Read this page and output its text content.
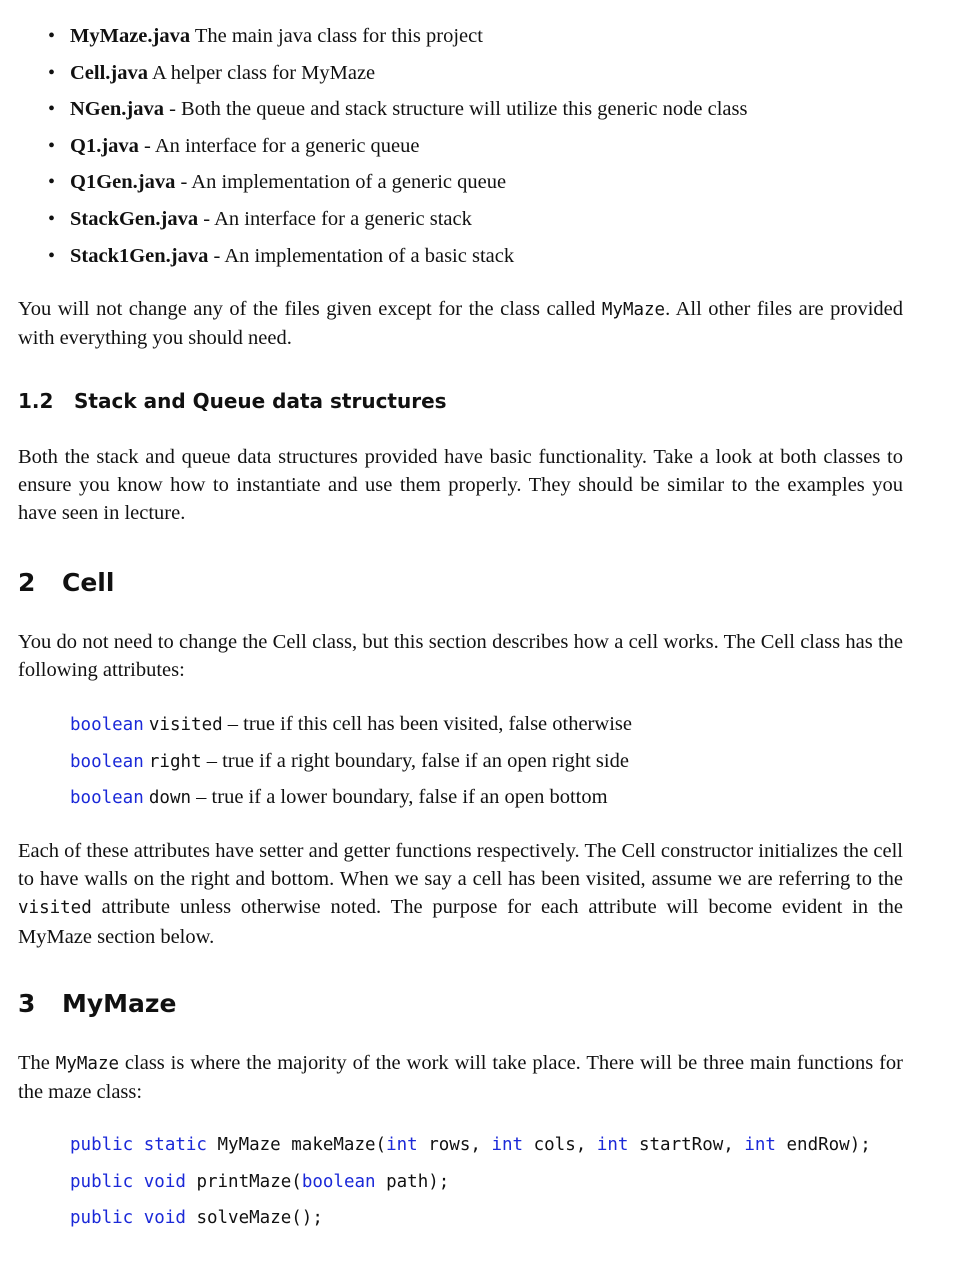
• MyMaze.java The main java class for this project
• Cell.java A helper class for MyMaze
• NGen.java - Both the queue and stack structure will utilize this generic node class
• Q1.java - An interface for a generic queue
• Q1Gen.java - An implementation of a generic queue
• StackGen.java - An interface for a generic stack
• Stack1Gen.java - An implementation of a basic stack
You will not change any of the files given except for the class called MyMaze. All other files are provided with everything you should need.
1.2 Stack and Queue data structures
Both the stack and queue data structures provided have basic functionality. Take a look at both classes to ensure you know how to instantiate and use them properly. They should be similar to the examples you have seen in lecture.
2 Cell
You do not need to change the Cell class, but this section describes how a cell works. The Cell class has the following attributes:
boolean visited – true if this cell has been visited, false otherwise
boolean right – true if a right boundary, false if an open right side
boolean down – true if a lower boundary, false if an open bottom
Each of these attributes have setter and getter functions respectively. The Cell constructor initializes the cell to have walls on the right and bottom. When we say a cell has been visited, assume we are referring to the visited attribute unless otherwise noted. The purpose for each attribute will become evident in the MyMaze section below.
3 MyMaze
The MyMaze class is where the majority of the work will take place. There will be three main functions for the maze class:
public static MyMaze makeMaze(int rows, int cols, int startRow, int endRow);
public void printMaze(boolean path);
public void solveMaze();
